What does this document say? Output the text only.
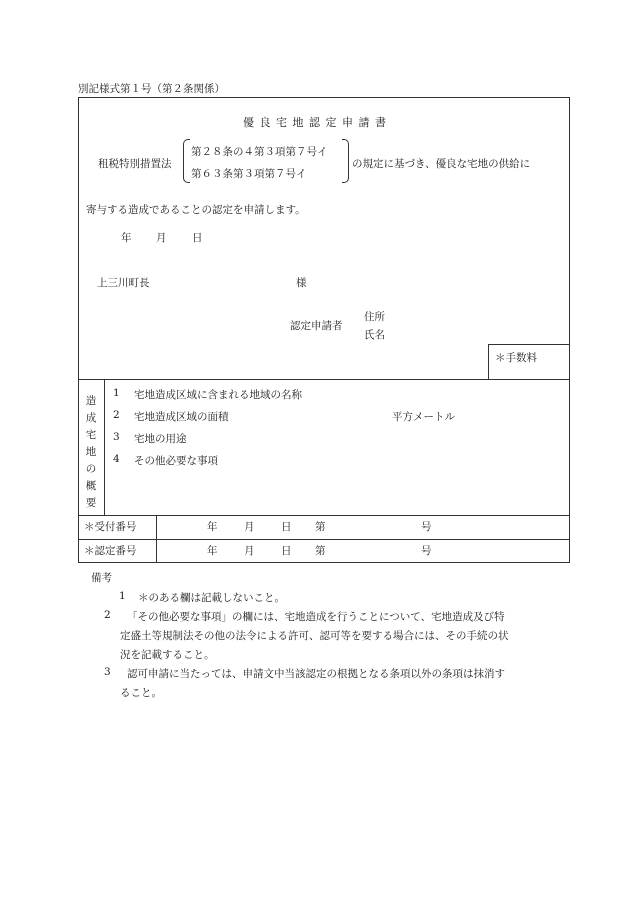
別記様式第１号（第２条関係）
優 良 宅 地 認 定 申 請 書
租税特別措置法
第２８条の４第３項第７号イ
第６３条第３項第７号イ
の規定に基づき、優良な宅地の供給に
寄与する造成であることの認定を申請します。
年 月 日
上三川町長	様
認定申請者
住所
氏名
＊手数料
造
成
宅
地
の
概
要
1 宅地造成区域に含まれる地域の名称
2 宅地造成区域の面積	平方メートル
3 宅地の用途
4 その他必要な事項
＊受付番号	年	月	日 第	号
＊認定番号	年	月	日 第	号
備考
1 ＊のある欄は記載しないこと。
2 「その他必要な事項」の欄には、宅地造成を行うことについて、宅地造成及び特
定盛土等規制法その他の法令による許可、認可等を要する場合には、その手続の状
況を記載すること。
3 認可申請に当たっては、申請文中当該認定の根拠となる条項以外の条項は抹消す
ること。
